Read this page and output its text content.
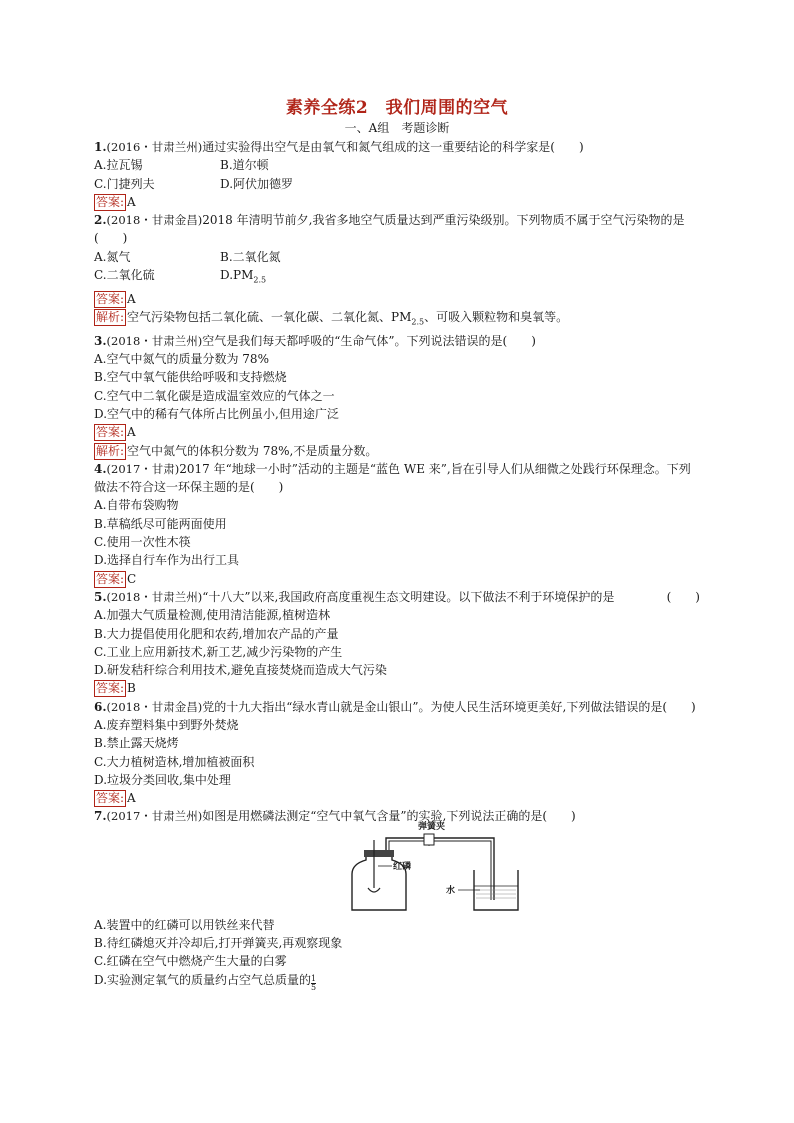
素养全练2　我们周围的空气

一、A组　考题诊断

1.(2016・甘肃兰州)通过实验得出空气是由氧气和氮气组成的这一重要结论的科学家是(　　)

A.拉瓦锡	B.道尔顿

C.门捷列夫	D.阿伏加德罗

答案: A

2.(2018・甘肃金昌)2018 年清明节前夕,我省多地空气质量达到严重污染级别。下列物质不属于空气污染物的是(　　)

A.氮气	B.二氧化氮

C.二氧化硫	$D.PM_{2.5}$

答案: A

解析: 空气污染物包括二氧化硫、一氧化碳、二氧化氮、$PM_{2.5}$、可吸入颗粒物和臭氧等。

3.(2018・甘肃兰州)空气是我们每天都呼吸的“生命气体”。下列说法错误的是(　　)

A.空气中氮气的质量分数为 78%

B.空气中氧气能供给呼吸和支持燃烧

C.空气中二氧化碳是造成温室效应的气体之一

D.空气中的稀有气体所占比例虽小,但用途广泛

答案: A

解析: 空气中氮气的体积分数为 78%,不是质量分数。

4.(2017・甘肃)2017 年“地球一小时”活动的主题是“蓝色 WE 来”,旨在引导人们从细微之处践行环保理念。下列做法不符合这一环保主题的是(　　)

A.自带布袋购物

B.草稿纸尽可能两面使用

C.使用一次性木筷

D.选择自行车作为出行工具

答案: C

5.(2018・甘肃兰州)“十八大”以来,我国政府高度重视生态文明建设。以下做法不利于环境保护的是	(　　)

A.加强大气质量检测,使用清洁能源,植树造林

B.大力提倡使用化肥和农药,增加农产品的产量

C.工业上应用新技术,新工艺,减少污染物的产生

D.研发秸秆综合利用技术,避免直接焚烧而造成大气污染

答案: B

6.(2018・甘肃金昌)党的十九大指出“绿水青山就是金山银山”。为使人民生活环境更美好,下列做法错误的是(　　)

A.废弃塑料集中到野外焚烧

B.禁止露天烧烤

C.大力植树造林,增加植被面积

D.垃圾分类回收,集中处理

答案: A

7.(2017・甘肃兰州)如图是用燃磷法测定“空气中氧气含量”的实验,下列说法正确的是(　　)

弹簧夹
红磷
水

A.装置中的红磷可以用铁丝来代替

B.待红磷熄灭并冷却后,打开弹簧夹,再观察现象

C.红磷在空气中燃烧产生大量的白雾

D.实验测定氧气的质量约占空气总质量的 $\frac{1}{5}$
